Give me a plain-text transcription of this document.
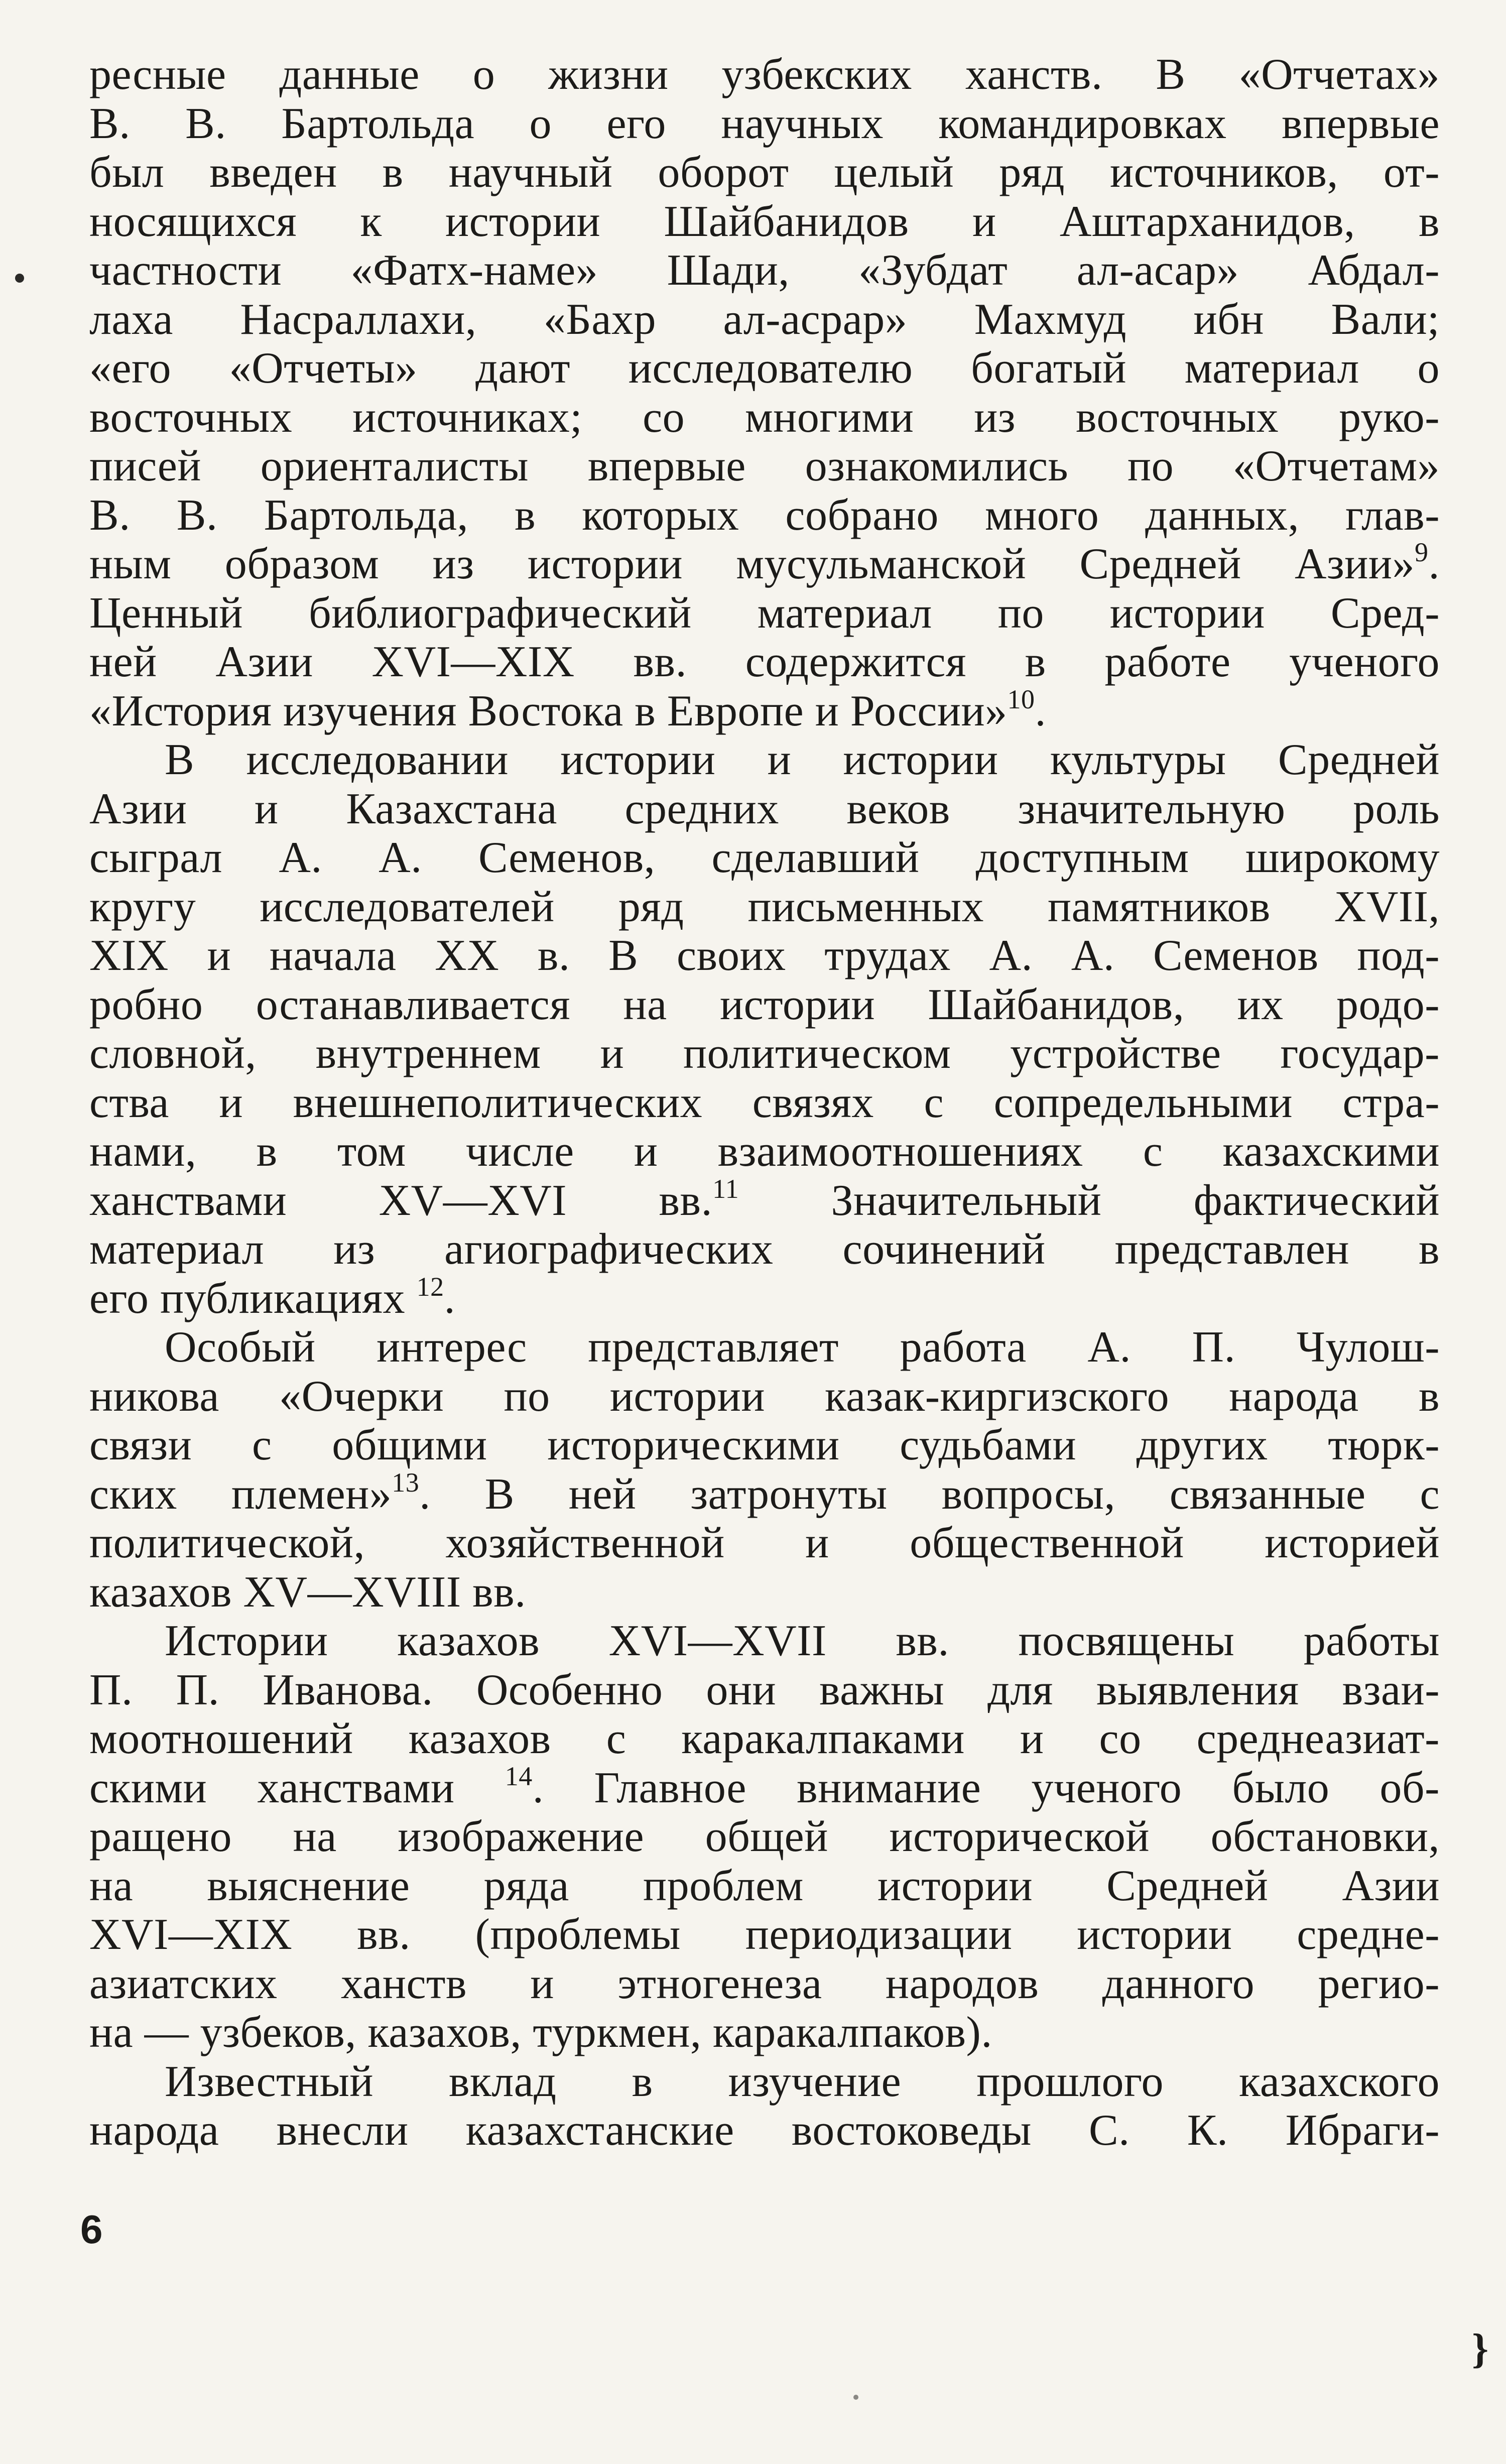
ресные данные о жизни узбекских ханств. В «Отчетах»
В. В. Бартольда о его научных командировках впервые
был введен в научный оборот целый ряд источников, от-
носящихся к истории Шайбанидов и Аштарханидов, в
частности «Фатх-наме» Шади, «Зубдат ал-асар» Абдал-
лаха Насраллахи, «Бахр ал-асрар» Махмуд ибн Вали;
«его «Отчеты» дают исследователю богатый материал о
восточных источниках; со многими из восточных руко-
писей ориенталисты впервые ознакомились по «Отчетам»
В. В. Бартольда, в которых собрано много данных, глав-
ным образом из истории мусульманской Средней Азии»$^9$.
Ценный библиографический материал по истории Сред-
ней Азии XVI—XIX вв. содержится в работе ученого
«История изучения Востока в Европе и России»$^{10}$.
В исследовании истории и истории культуры Средней
Азии и Казахстана средних веков значительную роль
сыграл А. А. Семенов, сделавший доступным широкому
кругу исследователей ряд письменных памятников XVII,
XIX и начала XX в. В своих трудах А. А. Семенов под-
робно останавливается на истории Шайбанидов, их родо-
словной, внутреннем и политическом устройстве государ-
ства и внешнеполитических связях с сопредельными стра-
нами, в том числе и взаимоотношениях с казахскими
ханствами XV—XVI вв.$^{11}$ Значительный фактический
материал из агиографических сочинений представлен в
его публикациях $^{12}$.
Особый интерес представляет работа А. П. Чулош-
никова «Очерки по истории казак-киргизского народа в
связи с общими историческими судьбами других тюрк-
ских племен»$^{13}$. В ней затронуты вопросы, связанные с
политической, хозяйственной и общественной историей
казахов XV—XVIII вв.
Истории казахов XVI—XVII вв. посвящены работы
П. П. Иванова. Особенно они важны для выявления взаи-
моотношений казахов с каракалпаками и со среднеазиат-
скими ханствами $^{14}$. Главное внимание ученого было об-
ращено на изображение общей исторической обстановки,
на выяснение ряда проблем истории Средней Азии
XVI—XIX вв. (проблемы периодизации истории средне-
азиатских ханств и этногенеза народов данного регио-
на — узбеков, казахов, туркмен, каракалпаков).
Известный вклад в изучение прошлого казахского
народа внесли казахстанские востоковеды С. К. Ибраги-
6
}
